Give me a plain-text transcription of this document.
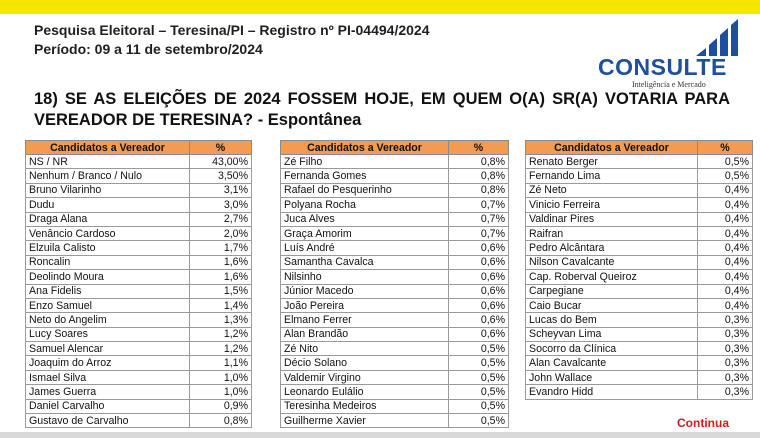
Pesquisa Eleitoral – Teresina/PI – Registro nº PI-04494/2024
Período: 09 a 11 de setembro/2024
CONSULTE
Inteligência e Mercado
18) SE AS ELEIÇÕES DE 2024 FOSSEM HOJE, EM QUEM O(A) SR(A) VOTARIA PARA
VEREADOR DE TERESINA? - Espontânea
Candidatos a Vereador	%
NS / NR	43,00%
Nenhum / Branco / Nulo	3,50%
Bruno Vilarinho	3,1%
Dudu	3,0%
Draga Alana	2,7%
Venâncio Cardoso	2,0%
Elzuila Calisto	1,7%
Roncalin	1,6%
Deolindo Moura	1,6%
Ana Fidelis	1,5%
Enzo Samuel	1,4%
Neto do Angelim	1,3%
Lucy Soares	1,2%
Samuel Alencar	1,2%
Joaquim do Arroz	1,1%
Ismael Silva	1,0%
James Guerra	1,0%
Daniel Carvalho	0,9%
Gustavo de Carvalho	0,8%
Candidatos a Vereador	%
Zé Filho	0,8%
Fernanda Gomes	0,8%
Rafael do Pesquerinho	0,8%
Polyana Rocha	0,7%
Juca Alves	0,7%
Graça Amorim	0,7%
Luís André	0,6%
Samantha Cavalca	0,6%
Nilsinho	0,6%
Júnior Macedo	0,6%
João Pereira	0,6%
Elmano Ferrer	0,6%
Alan Brandão	0,6%
Zé Nito	0,5%
Décio Solano	0,5%
Valdemir Virgino	0,5%
Leonardo Eulálio	0,5%
Teresinha Medeiros	0,5%
Guilherme Xavier	0,5%
Candidatos a Vereador	%
Renato Berger	0,5%
Fernando Lima	0,5%
Zé Neto	0,4%
Vinicio Ferreira	0,4%
Valdinar Pires	0,4%
Raifran	0,4%
Pedro Alcântara	0,4%
Nilson Cavalcante	0,4%
Cap. Roberval Queiroz	0,4%
Carpegiane	0,4%
Caio Bucar	0,4%
Lucas do Bem	0,3%
Scheyvan Lima	0,3%
Socorro da Clínica	0,3%
Alan Cavalcante	0,3%
John Wallace	0,3%
Evandro Hidd	0,3%
Continua
